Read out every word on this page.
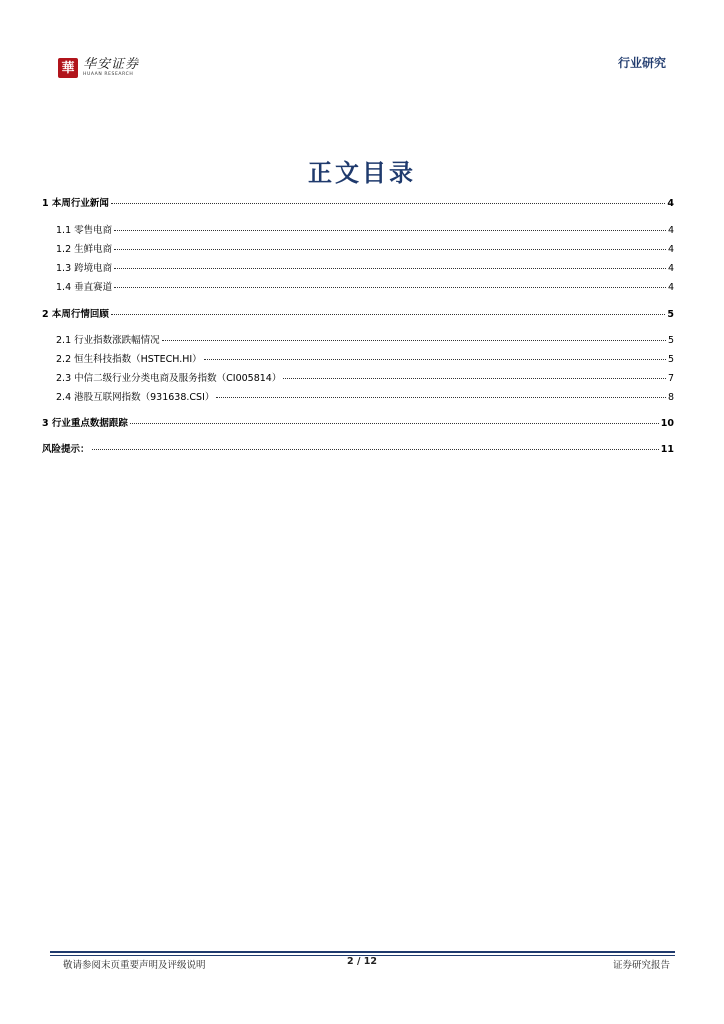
華 华安证券
HUAAN RESEARCH
行业研究
正文目录
1 本周行业新闻	4
1.1 零售电商	4
1.2 生鲜电商	4
1.3 跨境电商	4
1.4 垂直赛道	4
2 本周行情回顾	5
2.1 行业指数涨跌幅情况	5
2.2 恒生科技指数（HSTECH.HI）	5
2.3 中信二级行业分类电商及服务指数（CI005814）	7
2.4 港股互联网指数（931638.CSI）	8
3 行业重点数据跟踪	10
风险提示：	11
敬请参阅末页重要声明及评级说明	2 / 12	证券研究报告
